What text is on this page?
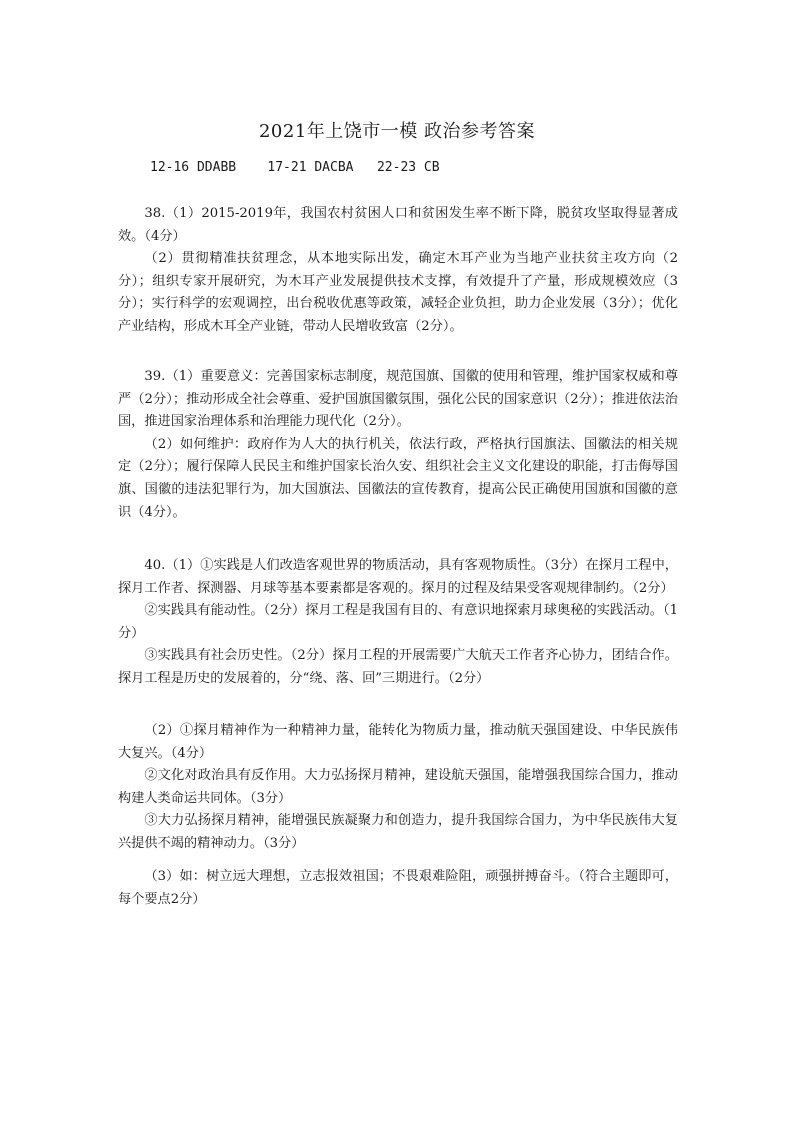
2021年上饶市一模 政治参考答案
12-16 DDABB    17-21 DACBA   22-23 CB

38.（1）2015-2019年，我国农村贫困人口和贫困发生率不断下降，脱贫攻坚取得显著成效。（4分）

（2）贯彻精准扶贫理念，从本地实际出发，确定木耳产业为当地产业扶贫主攻方向（2分）；组织专家开展研究，为木耳产业发展提供技术支撑，有效提升了产量，形成规模效应（3分）；实行科学的宏观调控，出台税收优惠等政策，减轻企业负担，助力企业发展（3分）；优化产业结构，形成木耳全产业链，带动人民增收致富（2分）。

39.（1）重要意义：完善国家标志制度，规范国旗、国徽的使用和管理，维护国家权威和尊严（2分）；推动形成全社会尊重、爱护国旗国徽氛围，强化公民的国家意识（2分）；推进依法治国，推进国家治理体系和治理能力现代化（2分）。

（2）如何维护：政府作为人大的执行机关，依法行政，严格执行国旗法、国徽法的相关规定（2分）；履行保障人民民主和维护国家长治久安、组织社会主义文化建设的职能，打击侮辱国旗、国徽的违法犯罪行为，加大国旗法、国徽法的宣传教育，提高公民正确使用国旗和国徽的意识（4分）。

40.（1）①实践是人们改造客观世界的物质活动，具有客观物质性。（3分）在探月工程中，探月工作者、探测器、月球等基本要素都是客观的。探月的过程及结果受客观规律制约。（2分）

②实践具有能动性。（2分）探月工程是我国有目的、有意识地探索月球奥秘的实践活动。（1分）

③实践具有社会历史性。（2分）探月工程的开展需要广大航天工作者齐心协力，团结合作。探月工程是历史的发展着的，分“绕、落、回”三期进行。（2分）

（2）①探月精神作为一种精神力量，能转化为物质力量，推动航天强国建设、中华民族伟大复兴。（4分）

②文化对政治具有反作用。大力弘扬探月精神，建设航天强国，能增强我国综合国力，推动构建人类命运共同体。（3分）

③大力弘扬探月精神，能增强民族凝聚力和创造力，提升我国综合国力，为中华民族伟大复兴提供不竭的精神动力。（3分）

（3）如：树立远大理想，立志报效祖国；不畏艰难险阻，顽强拼搏奋斗。（符合主题即可，每个要点2分）
